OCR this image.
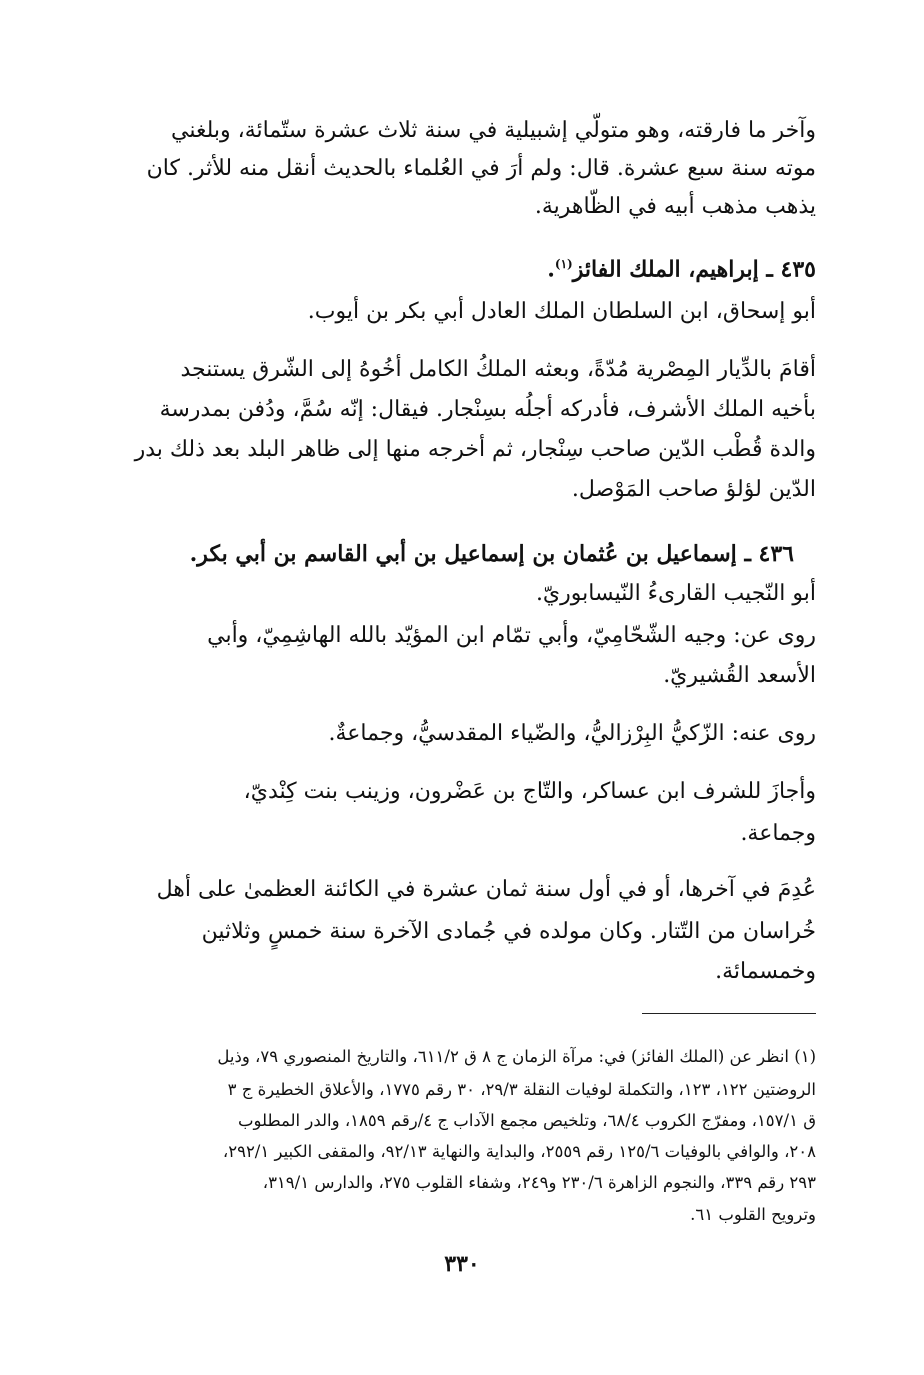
وآخر ما فارقته، وهو متولّي إشبيلية في سنة ثلاث عشرة ستّمائة، وبلغني
موته سنة سبع عشرة. قال: ولم أرَ في العُلماء بالحديث أنقل منه للأثر. كان
يذهب مذهب أبيه في الظّاهرية.
٤٣٥ ـ إبراهيم، الملك الفائز$^{(١)}$.
أبو إسحاق، ابن السلطان الملك العادل أبي بكر بن أيوب.
أقامَ بالدِّيار المِصْرية مُدّةً، وبعثه الملكُ الكامل أخُوهُ إلى الشّرق يستنجد
بأخيه الملك الأشرف، فأدركه أجلُه بسِنْجار. فيقال: إنّه سُمَّ، ودُفن بمدرسة
والدة قُطْب الدّين صاحب سِنْجار، ثم أخرجه منها إلى ظاهر البلد بعد ذلك بدر
الدّين لؤلؤ صاحب المَوْصل.
٤٣٦ ـ إسماعيل بن عُثمان بن إسماعيل بن أبي القاسم بن أبي بكر.
أبو النّجيب القارىءُ النّيسابوريّ.
روى عن: وجيه الشّحّامِيّ، وأبي تمّام ابن المؤيّد بالله الهاشِمِيّ، وأبي
الأسعد القُشيريّ.
روى عنه: الزّكيُّ البِرْزاليُّ، والضّياء المقدسيُّ، وجماعةٌ.
وأجازَ للشرف ابن عساكر، والتّاج بن عَضْرون، وزينب بنت كِنْديّ،
وجماعة.
عُدِمَ في آخرها، أو في أول سنة ثمان عشرة في الكائنة العظمىٰ على أهل
خُراسان من التّتار. وكان مولده في جُمادى الآخرة سنة خمسٍ وثلاثين
وخمسمائة.
(١) انظر عن (الملك الفائز) في: مرآة الزمان ج ٨ ق ٦١١/٢، والتاريخ المنصوري ٧٩، وذيل
الروضتين ١٢٢، ١٢٣، والتكملة لوفيات النقلة ٢٩/٣، ٣٠ رقم ١٧٧٥، والأعلاق الخطيرة ج ٣
ق ١٥٧/١، ومفرّج الكروب ٦٨/٤، وتلخيص مجمع الآداب ج ٤/رقم ١٨٥٩، والدر المطلوب
٢٠٨، والوافي بالوفيات ١٢٥/٦ رقم ٢٥٥٩، والبداية والنهاية ٩٢/١٣، والمقفى الكبير ٢٩٢/١،
٢٩٣ رقم ٣٣٩، والنجوم الزاهرة ٢٣٠/٦ و٢٤٩، وشفاء القلوب ٢٧٥، والدارس ٣١٩/١،
وترويح القلوب ٦١.
٣٣٠
